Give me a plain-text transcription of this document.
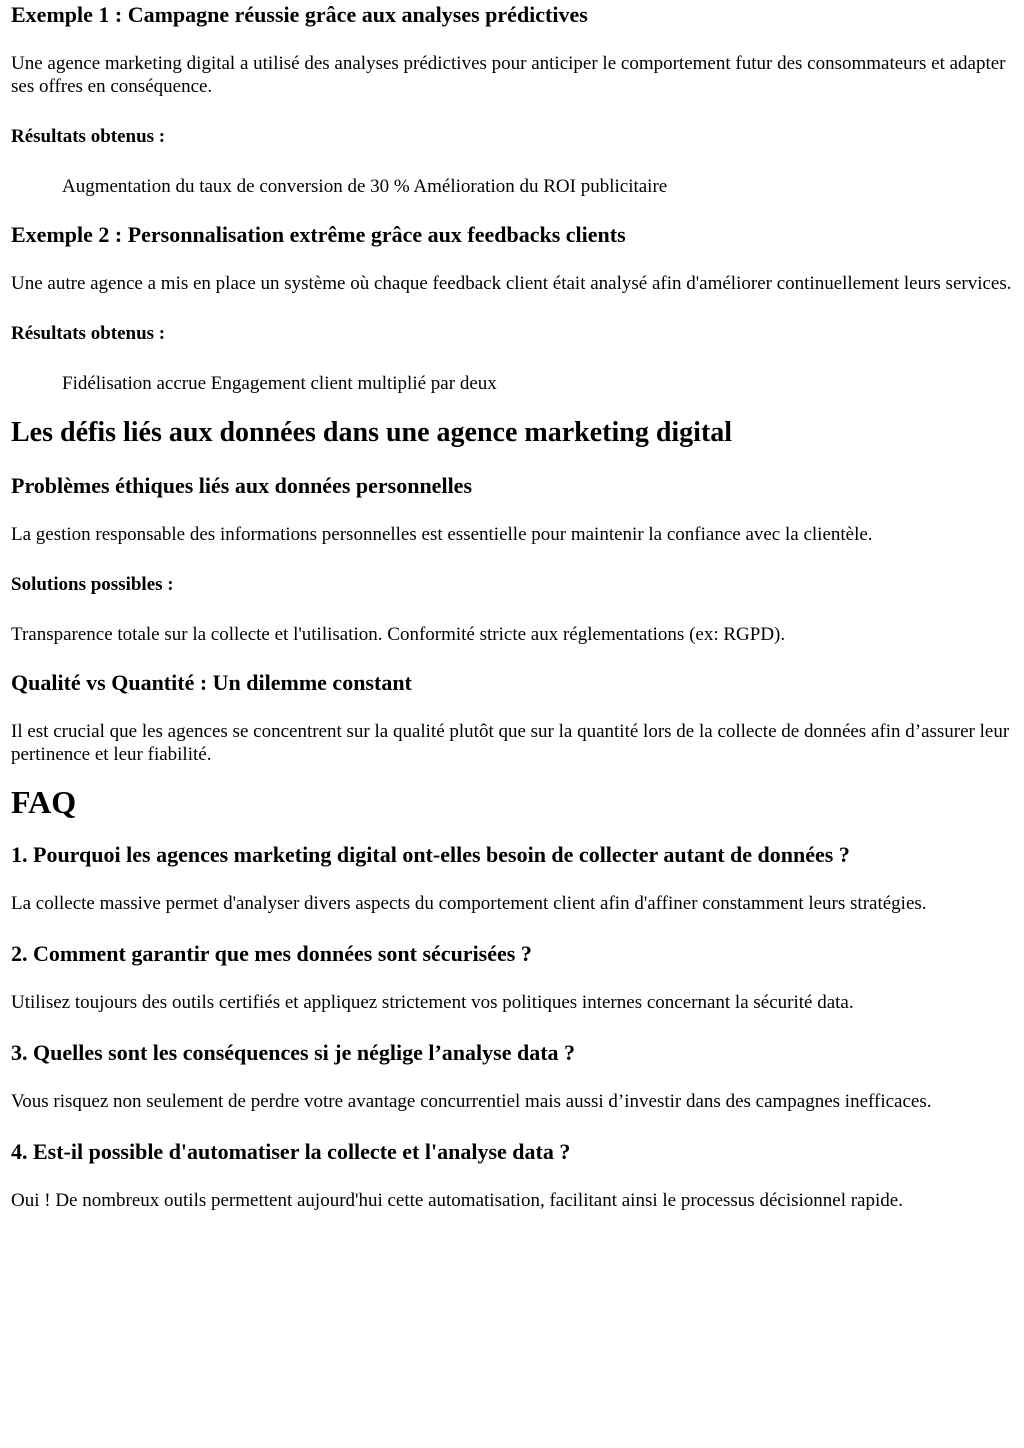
Exemple 1 : Campagne réussie grâce aux analyses prédictives

Une agence marketing digital a utilisé des analyses prédictives pour anticiper le comportement futur des consommateurs et adapter ses offres en conséquence.

Résultats obtenus :

Augmentation du taux de conversion de 30 % Amélioration du ROI publicitaire

Exemple 2 : Personnalisation extrême grâce aux feedbacks clients

Une autre agence a mis en place un système où chaque feedback client était analysé afin d'améliorer continuellement leurs services.

Résultats obtenus :

Fidélisation accrue Engagement client multiplié par deux

Les défis liés aux données dans une agence marketing digital
Problèmes éthiques liés aux données personnelles

La gestion responsable des informations personnelles est essentielle pour maintenir la confiance avec la clientèle.

Solutions possibles :

Transparence totale sur la collecte et l'utilisation. Conformité stricte aux réglementations (ex: RGPD).

Qualité vs Quantité : Un dilemme constant

Il est crucial que les agences se concentrent sur la qualité plutôt que sur la quantité lors de la collecte de données afin d’assurer leur pertinence et leur fiabilité.

FAQ
1. Pourquoi les agences marketing digital ont-elles besoin de collecter autant de données ?

La collecte massive permet d'analyser divers aspects du comportement client afin d'affiner constamment leurs stratégies.

2. Comment garantir que mes données sont sécurisées ?

Utilisez toujours des outils certifiés et appliquez strictement vos politiques internes concernant la sécurité data.

3. Quelles sont les conséquences si je néglige l’analyse data ?

Vous risquez non seulement de perdre votre avantage concurrentiel mais aussi d’investir dans des campagnes inefficaces.

4. Est-il possible d'automatiser la collecte et l'analyse data ?

Oui ! De nombreux outils permettent aujourd'hui cette automatisation, facilitant ainsi le processus décisionnel rapide.
